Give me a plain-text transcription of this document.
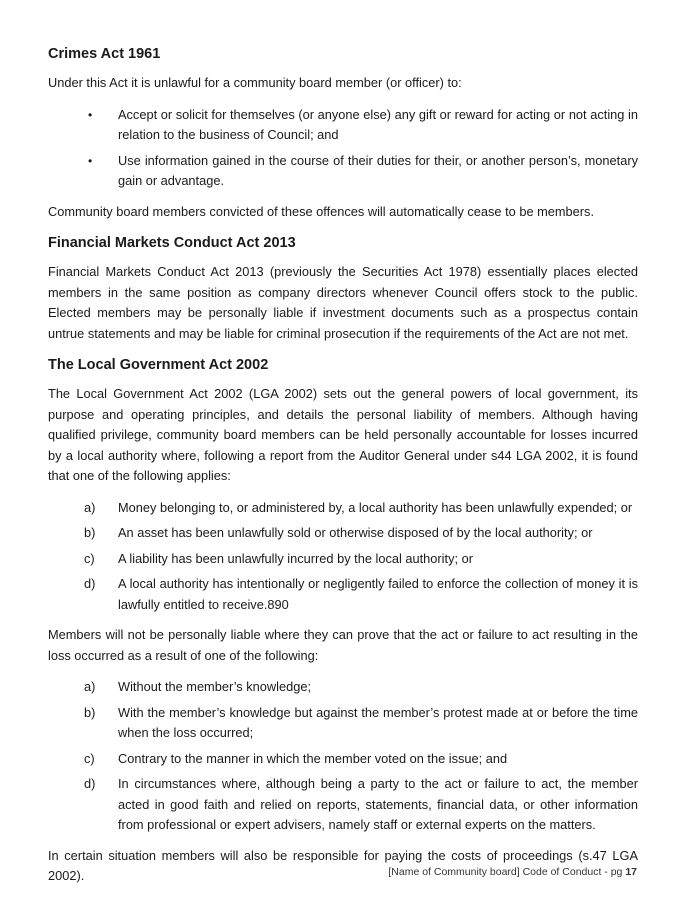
Crimes Act 1961

Under this Act it is unlawful for a community board member (or officer) to:

•	Accept or solicit for themselves (or anyone else) any gift or reward for acting or not acting in relation to the business of Council; and
•	Use information gained in the course of their duties for their, or another person’s, monetary gain or advantage.

Community board members convicted of these offences will automatically cease to be members.

Financial Markets Conduct Act 2013

Financial Markets Conduct Act 2013 (previously the Securities Act 1978) essentially places elected members in the same position as company directors whenever Council offers stock to the public. Elected members may be personally liable if investment documents such as a prospectus contain untrue statements and may be liable for criminal prosecution if the requirements of the Act are not met.

The Local Government Act 2002

The Local Government Act 2002 (LGA 2002) sets out the general powers of local government, its purpose and operating principles, and details the personal liability of members. Although having qualified privilege, community board members can be held personally accountable for losses incurred by a local authority where, following a report from the Auditor General under s44 LGA 2002, it is found that one of the following applies:

a)	Money belonging to, or administered by, a local authority has been unlawfully expended; or
b)	An asset has been unlawfully sold or otherwise disposed of by the local authority; or
c)	A liability has been unlawfully incurred by the local authority; or
d)	A local authority has intentionally or negligently failed to enforce the collection of money it is lawfully entitled to receive.890

Members will not be personally liable where they can prove that the act or failure to act resulting in the loss occurred as a result of one of the following:

a)	Without the member’s knowledge;
b)	With the member’s knowledge but against the member’s protest made at or before the time when the loss occurred;
c)	Contrary to the manner in which the member voted on the issue; and
d)	In circumstances where, although being a party to the act or failure to act, the member acted in good faith and relied on reports, statements, financial data, or other information from professional or expert advisers, namely staff or external experts on the matters.

In certain situation members will also be responsible for paying the costs of proceedings (s.47 LGA 2002).	[Name of Community board] Code of Conduct - pg 17
